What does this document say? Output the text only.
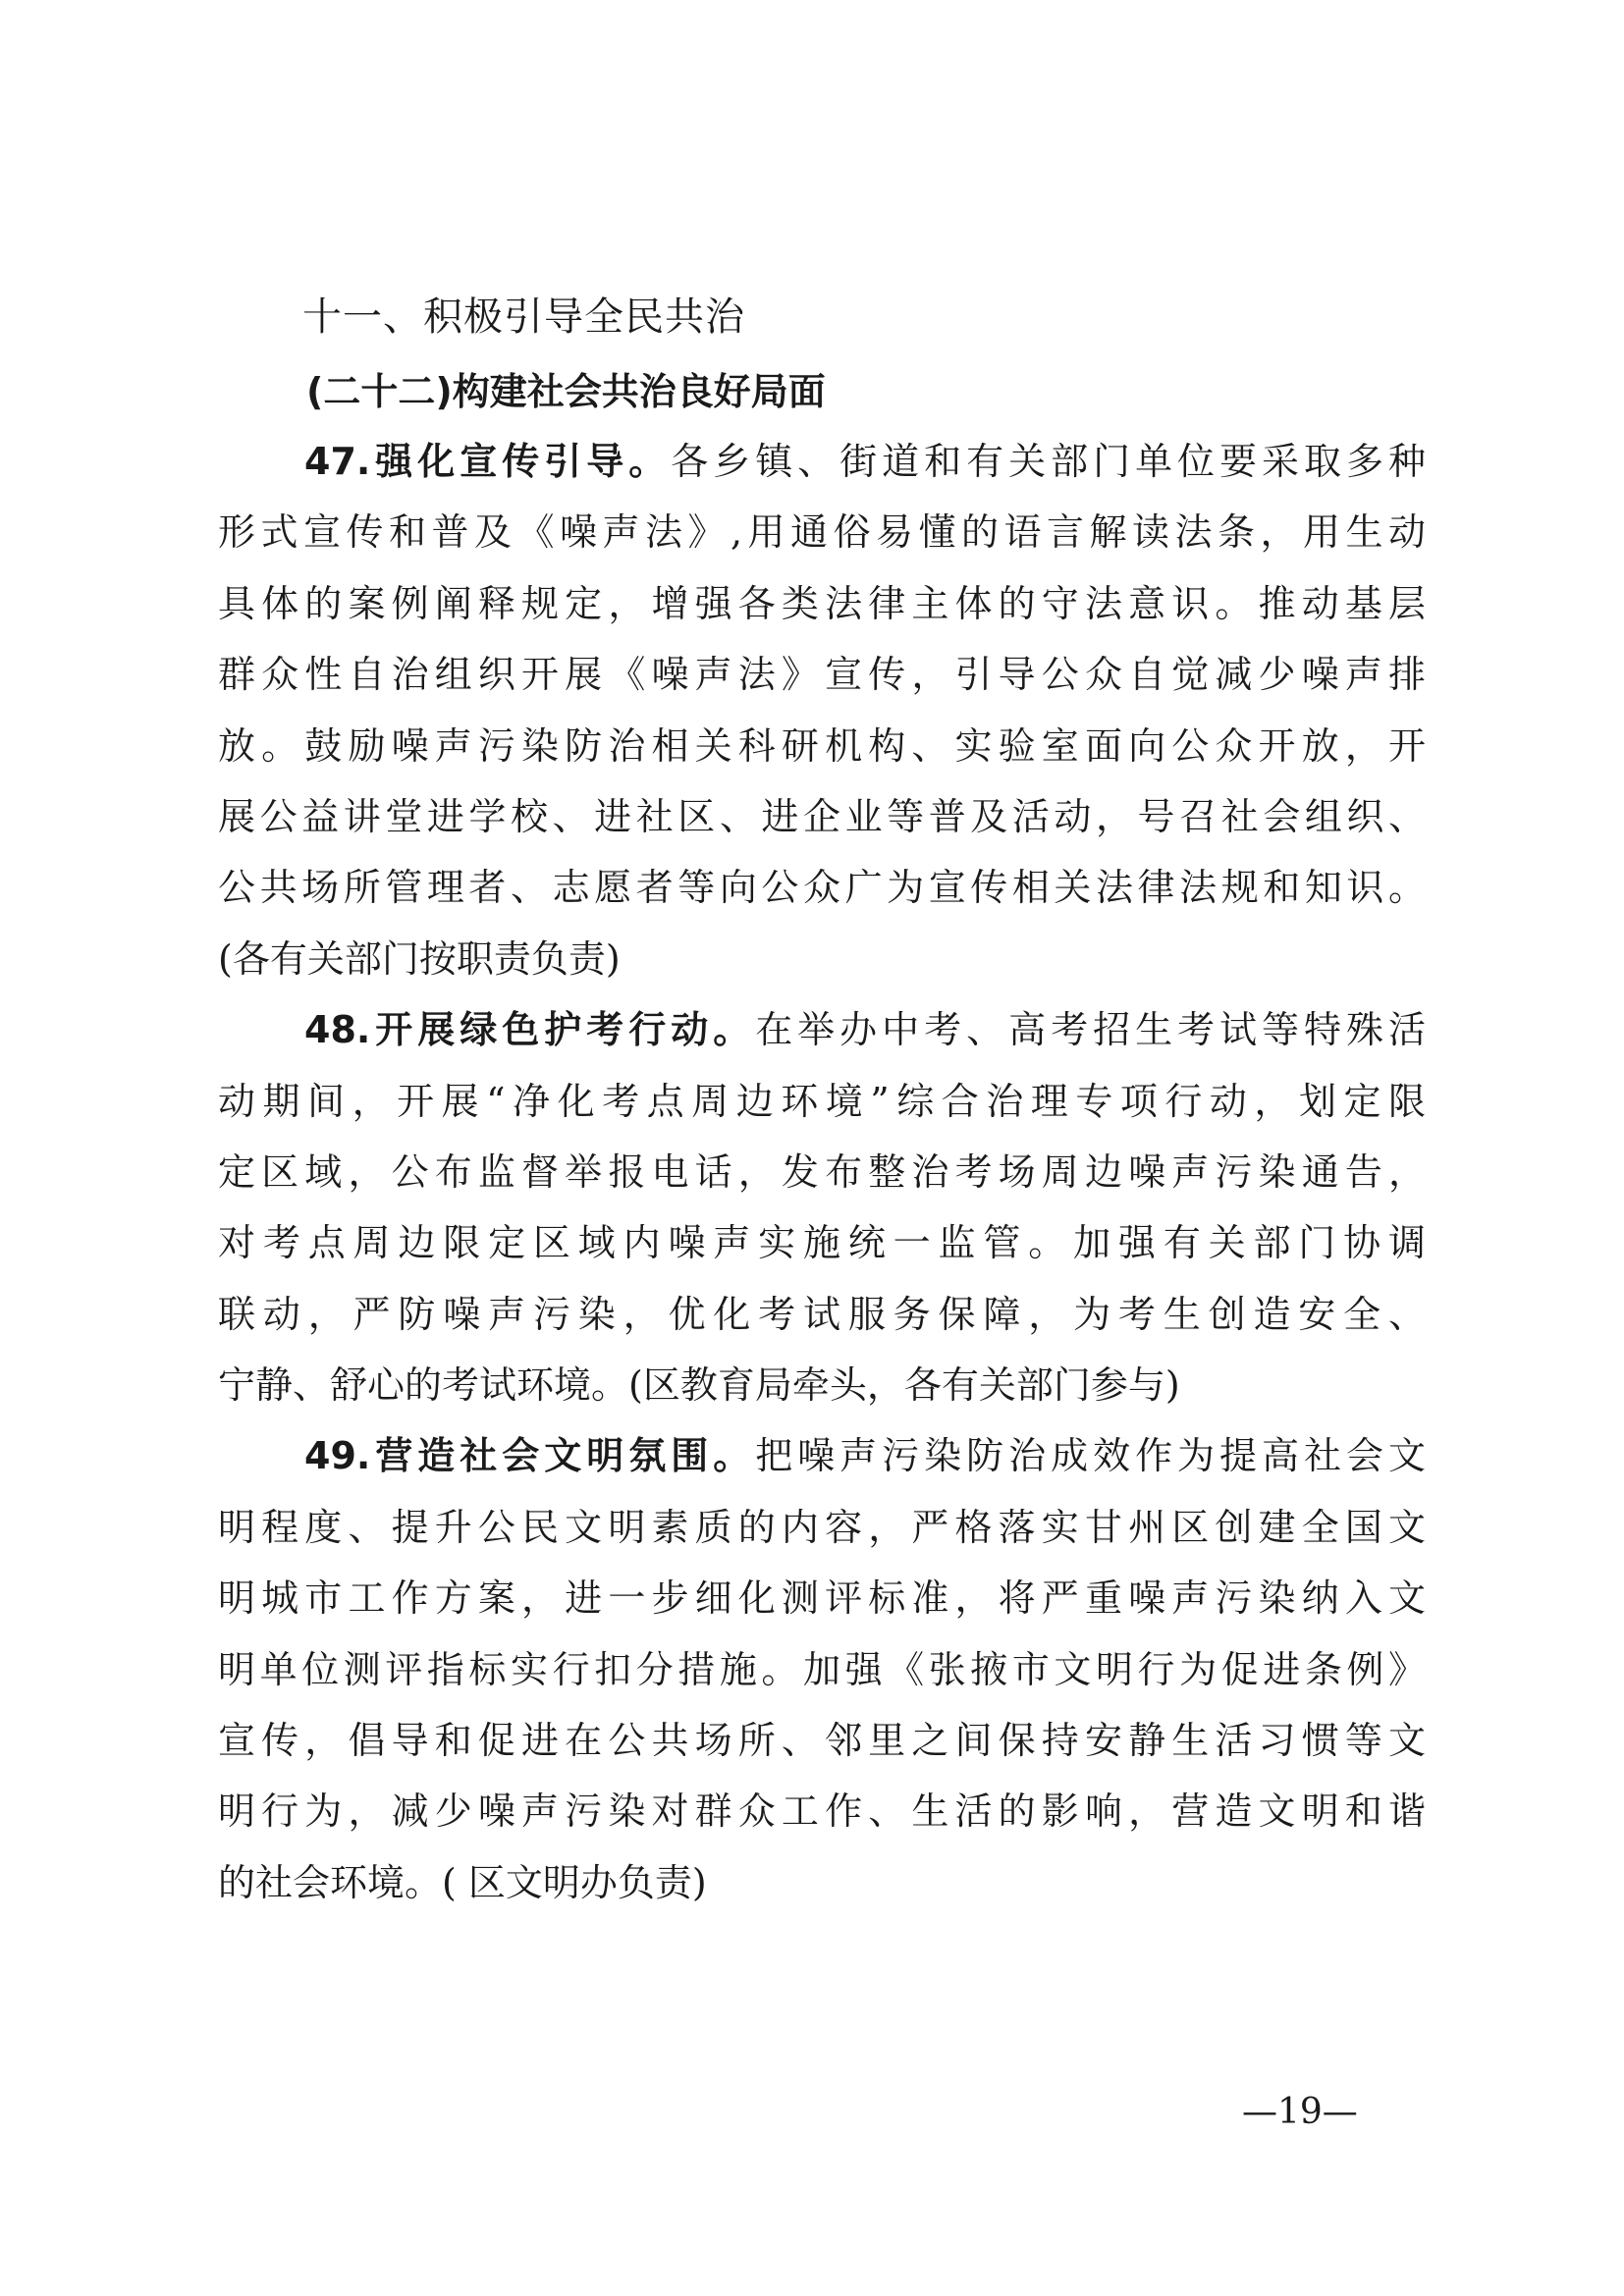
十一、积极引导全民共治
(二十二)构建社会共治良好局面
47.强化宣传引导。各乡镇、街道和有关部门单位要采取多种
形式宣传和普及《噪声法》,用通俗易懂的语言解读法条，用生动
具体的案例阐释规定，增强各类法律主体的守法意识。推动基层
群众性自治组织开展《噪声法》宣传，引导公众自觉减少噪声排
放。鼓励噪声污染防治相关科研机构、实验室面向公众开放，开
展公益讲堂进学校、进社区、进企业等普及活动，号召社会组织、
公共场所管理者、志愿者等向公众广为宣传相关法律法规和知识。
(各有关部门按职责负责)
48.开展绿色护考行动。在举办中考、高考招生考试等特殊活
动期间，开展“净化考点周边环境”综合治理专项行动，划定限
定区域，公布监督举报电话，发布整治考场周边噪声污染通告，
对考点周边限定区域内噪声实施统一监管。加强有关部门协调
联动，严防噪声污染，优化考试服务保障，为考生创造安全、
宁静、舒心的考试环境。(区教育局牵头，各有关部门参与)
49.营造社会文明氛围。把噪声污染防治成效作为提高社会文
明程度、提升公民文明素质的内容，严格落实甘州区创建全国文
明城市工作方案，进一步细化测评标准，将严重噪声污染纳入文
明单位测评指标实行扣分措施。加强《张掖市文明行为促进条例》
宣传，倡导和促进在公共场所、邻里之间保持安静生活习惯等文
明行为，减少噪声污染对群众工作、生活的影响，营造文明和谐
的社会环境。( 区文明办负责)
—19—
